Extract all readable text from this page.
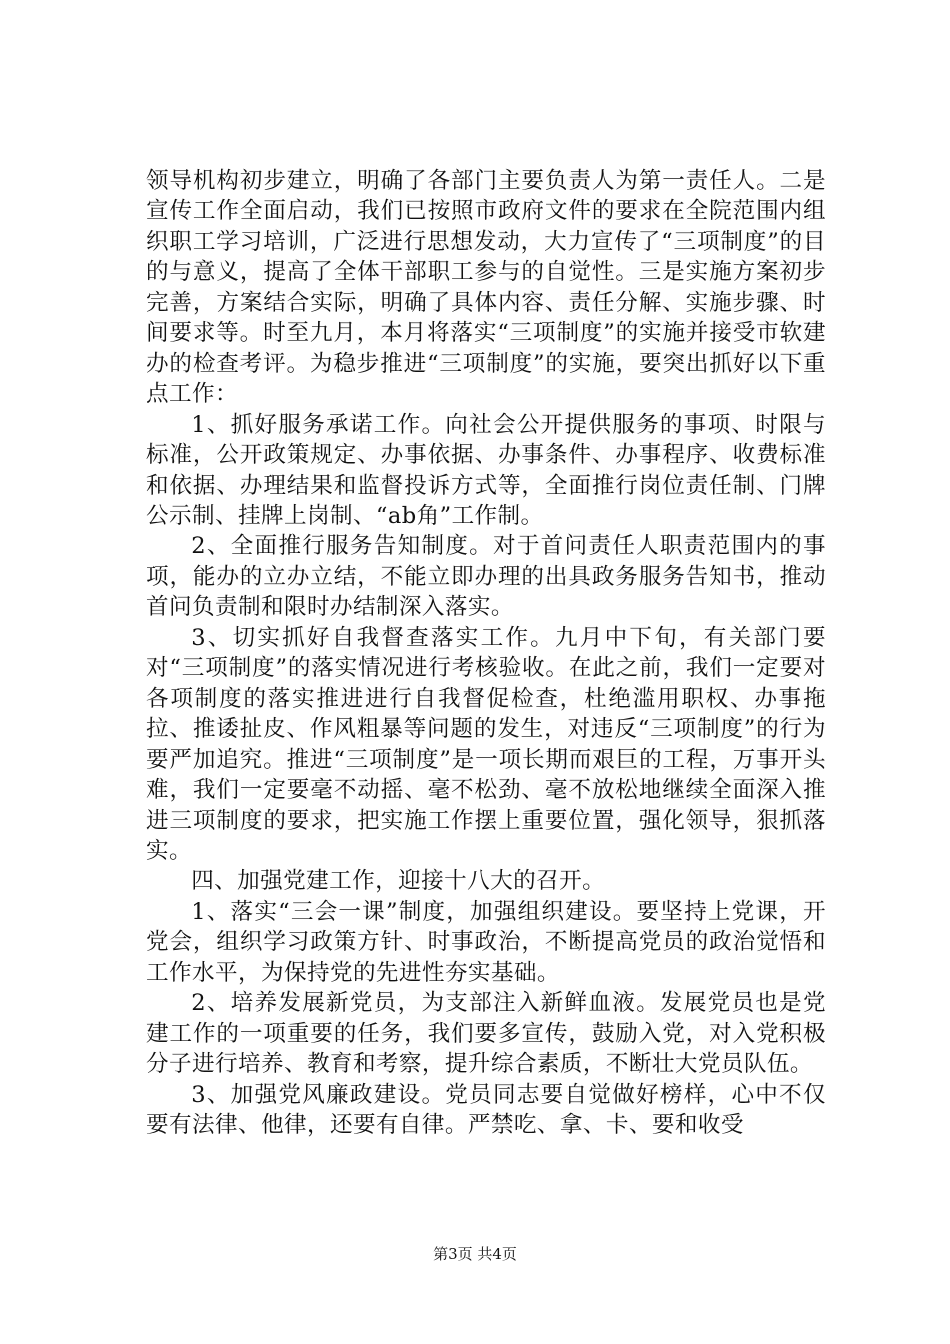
领导机构初步建立，明确了各部门主要负责人为第一责任人。二是宣传工作全面启动，我们已按照市政府文件的要求在全院范围内组织职工学习培训，广泛进行思想发动，大力宣传了“三项制度”的目的与意义，提高了全体干部职工参与的自觉性。三是实施方案初步完善，方案结合实际，明确了具体内容、责任分解、实施步骤、时间要求等。时至九月，本月将落实“三项制度”的实施并接受市软建办的检查考评。为稳步推进“三项制度”的实施，要突出抓好以下重点工作：

1、抓好服务承诺工作。向社会公开提供服务的事项、时限与标准，公开政策规定、办事依据、办事条件、办事程序、收费标准和依据、办理结果和监督投诉方式等，全面推行岗位责任制、门牌公示制、挂牌上岗制、“ab角”工作制。

2、全面推行服务告知制度。对于首问责任人职责范围内的事项，能办的立办立结，不能立即办理的出具政务服务告知书，推动首问负责制和限时办结制深入落实。

3、切实抓好自我督查落实工作。九月中下旬，有关部门要对“三项制度”的落实情况进行考核验收。在此之前，我们一定要对各项制度的落实推进进行自我督促检查，杜绝滥用职权、办事拖拉、推诿扯皮、作风粗暴等问题的发生，对违反“三项制度”的行为要严加追究。推进“三项制度”是一项长期而艰巨的工程，万事开头难，我们一定要毫不动摇、毫不松劲、毫不放松地继续全面深入推进三项制度的要求，把实施工作摆上重要位置，强化领导，狠抓落实。

四、加强党建工作，迎接十八大的召开。

1、落实“三会一课”制度，加强组织建设。要坚持上党课，开党会，组织学习政策方针、时事政治，不断提高党员的政治觉悟和工作水平，为保持党的先进性夯实基础。

2、培养发展新党员，为支部注入新鲜血液。发展党员也是党建工作的一项重要的任务，我们要多宣传，鼓励入党，对入党积极分子进行培养、教育和考察，提升综合素质，不断壮大党员队伍。

3、加强党风廉政建设。党员同志要自觉做好榜样，心中不仅要有法律、他律，还要有自律。严禁吃、拿、卡、要和收受

第3页 共4页
